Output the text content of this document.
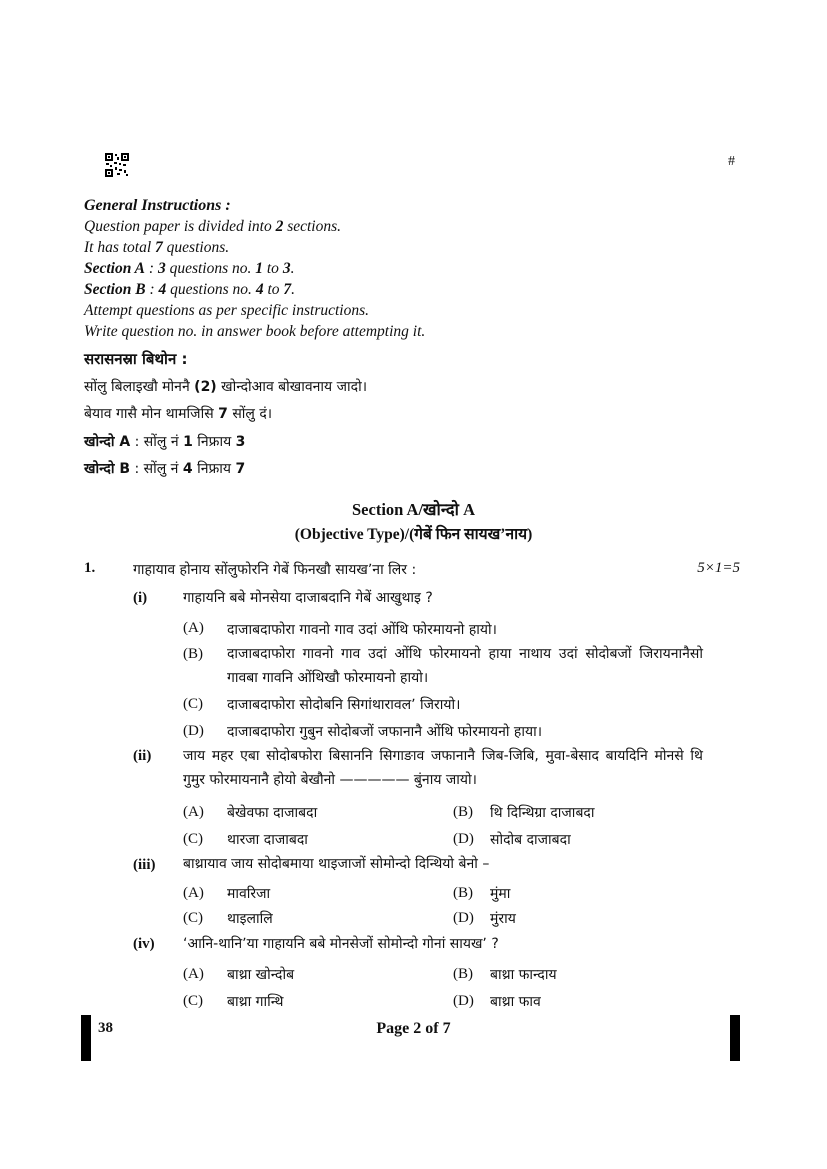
#
General Instructions :
Question paper is divided into 2 sections.
It has total 7 questions.
Section A : 3 questions no. 1 to 3.
Section B : 4 questions no. 4 to 7.
Attempt questions as per specific instructions.
Write question no. in answer book before attempting it.
सरासनस्रा बिथोन :
सोंलु बिलाइखौ मोननै (2) खोन्दोआव बोखावनाय जादो।
बेयाव गासै मोन थामजिसि 7 सोंलु दं।
खोन्दो A : सोंलु नं 1 निफ्राय 3
खोन्दो B : सोंलु नं 4 निफ्राय 7
Section A/खोन्दो A
(Objective Type)/(गेबें फिन सायखʼनाय)
1.	गाहायाव होनाय सोंलुफोरनि गेबें फिनखौ सायखʼना लिर :	5×1=5
(i)	गाहायनि बबे मोनसेया दाजाबदानि गेबें आखुथाइ ?
(A) दाजाबदाफोरा गावनो गाव उदां ओंथि फोरमायनो हायो।
(B) दाजाबदाफोरा गावनो गाव उदां ओंथि फोरमायनो हाया नाथाय उदां सोदोबजों जिरायनानैसो गावबा गावनि ओंथिखौ फोरमायनो हायो।
(C) दाजाबदाफोरा सोदोबनि सिगांथारावलʼ जिरायो।
(D) दाजाबदाफोरा गुबुन सोदोबजों जफानानै ओंथि फोरमायनो हाया।
(ii) जाय महर एबा सोदोबफोरा बिसाननि सिगाङाव जफानानै जिब-जिबि, मुवा-बेसाद बायदिनि मोनसे थि गुमुर फोरमायनानै होयो बेखौनो ————— बुंनाय जायो।
(A) बेखेवफा दाजाबदा	(B) थि दिन्थिग्रा दाजाबदा
(C) थारजा दाजाबदा	(D) सोदोब दाजाबदा
(iii) बाथ्रायाव जाय सोदोबमाया थाइजाजों सोमोन्दो दिन्थियो बेनो –
(A) मावरिजा	(B) मुंमा
(C) थाइलालि	(D) मुंराय
(iv) ‘आनि-थानिʼया गाहायनि बबे मोनसेजों सोमोन्दो गोनां सायखʼ ?
(A) बाथ्रा खोन्दोब	(B) बाथ्रा फान्दाय
(C) बाथ्रा गान्थि	(D) बाथ्रा फाव
38	Page 2 of 7
